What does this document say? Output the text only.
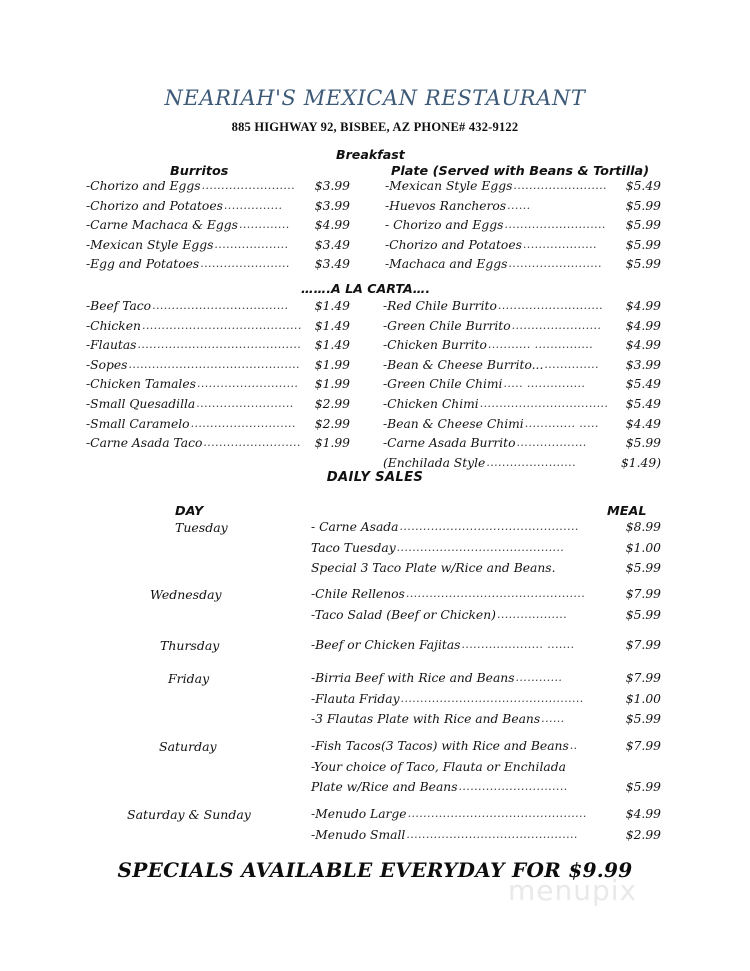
NEARIAH'S MEXICAN RESTAURANT
885 HIGHWAY 92, BISBEE, AZ PHONE# 432-9122
Breakfast
Burritos	Plate (Served with Beans & Tortilla)
-Chorizo and Eggs ........................	$3.99
-Chorizo and Potatoes ...............	$3.99
-Carne Machaca & Eggs .............	$4.99
-Mexican Style Eggs ...................	$3.49
-Egg and Potatoes .......................	$3.49
-Mexican Style Eggs ........................	$5.49
-Huevos Rancheros ......	$5.99
- Chorizo and Eggs ..........................	$5.99
-Chorizo and Potatoes ...................	$5.99
-Machaca and Eggs ........................	$5.99
…….A LA CARTA….
-Beef Taco ...................................	$1.49
-Chicken .........................................	$1.49
-Flautas ..........................................	$1.49
-Sopes ............................................	$1.99
-Chicken Tamales ..........................	$1.99
-Small Quesadilla .........................	$2.99
-Small Caramelo ...........................	$2.99
-Carne Asada Taco .........................	$1.99
-Red Chile Burrito ...........................	$4.99
-Green Chile Burrito .......................	$4.99
-Chicken Burrito ........... ...............	$4.99
-Bean & Cheese Burrito... ..............	$3.99
-Green Chile Chimi ..... ...............	$5.49
-Chicken Chimi .................................	$5.49
-Bean & Cheese Chimi ............. .....	$4.49
-Carne Asada Burrito ..................	$5.99
(Enchilada Style .......................	$1.49)
DAILY SALES
DAY	MEAL
Tuesday	- Carne Asada ..............................................	$8.99
Taco Tuesday ...........................................	$1.00
Special 3 Taco Plate w/Rice and Beans.	$5.99
Wednesday	-Chile Rellenos ..............................................	$7.99
-Taco Salad (Beef or Chicken) ..................	$5.99
Thursday	-Beef or Chicken Fajitas ..................... .......	$7.99
Friday	-Birria Beef with Rice and Beans ............	$7.99
-Flauta Friday ...............................................	$1.00
-3 Flautas Plate with Rice and Beans ......	$5.99
Saturday	-Fish Tacos(3 Tacos) with Rice and Beans ..	$7.99
-Your choice of Taco, Flauta or Enchilada
Plate w/Rice and Beans ............................	$5.99
Saturday & Sunday	-Menudo Large ..............................................	$4.99
-Menudo Small ............................................	$2.99
SPECIALS AVAILABLE EVERYDAY FOR $9.99
menupix
